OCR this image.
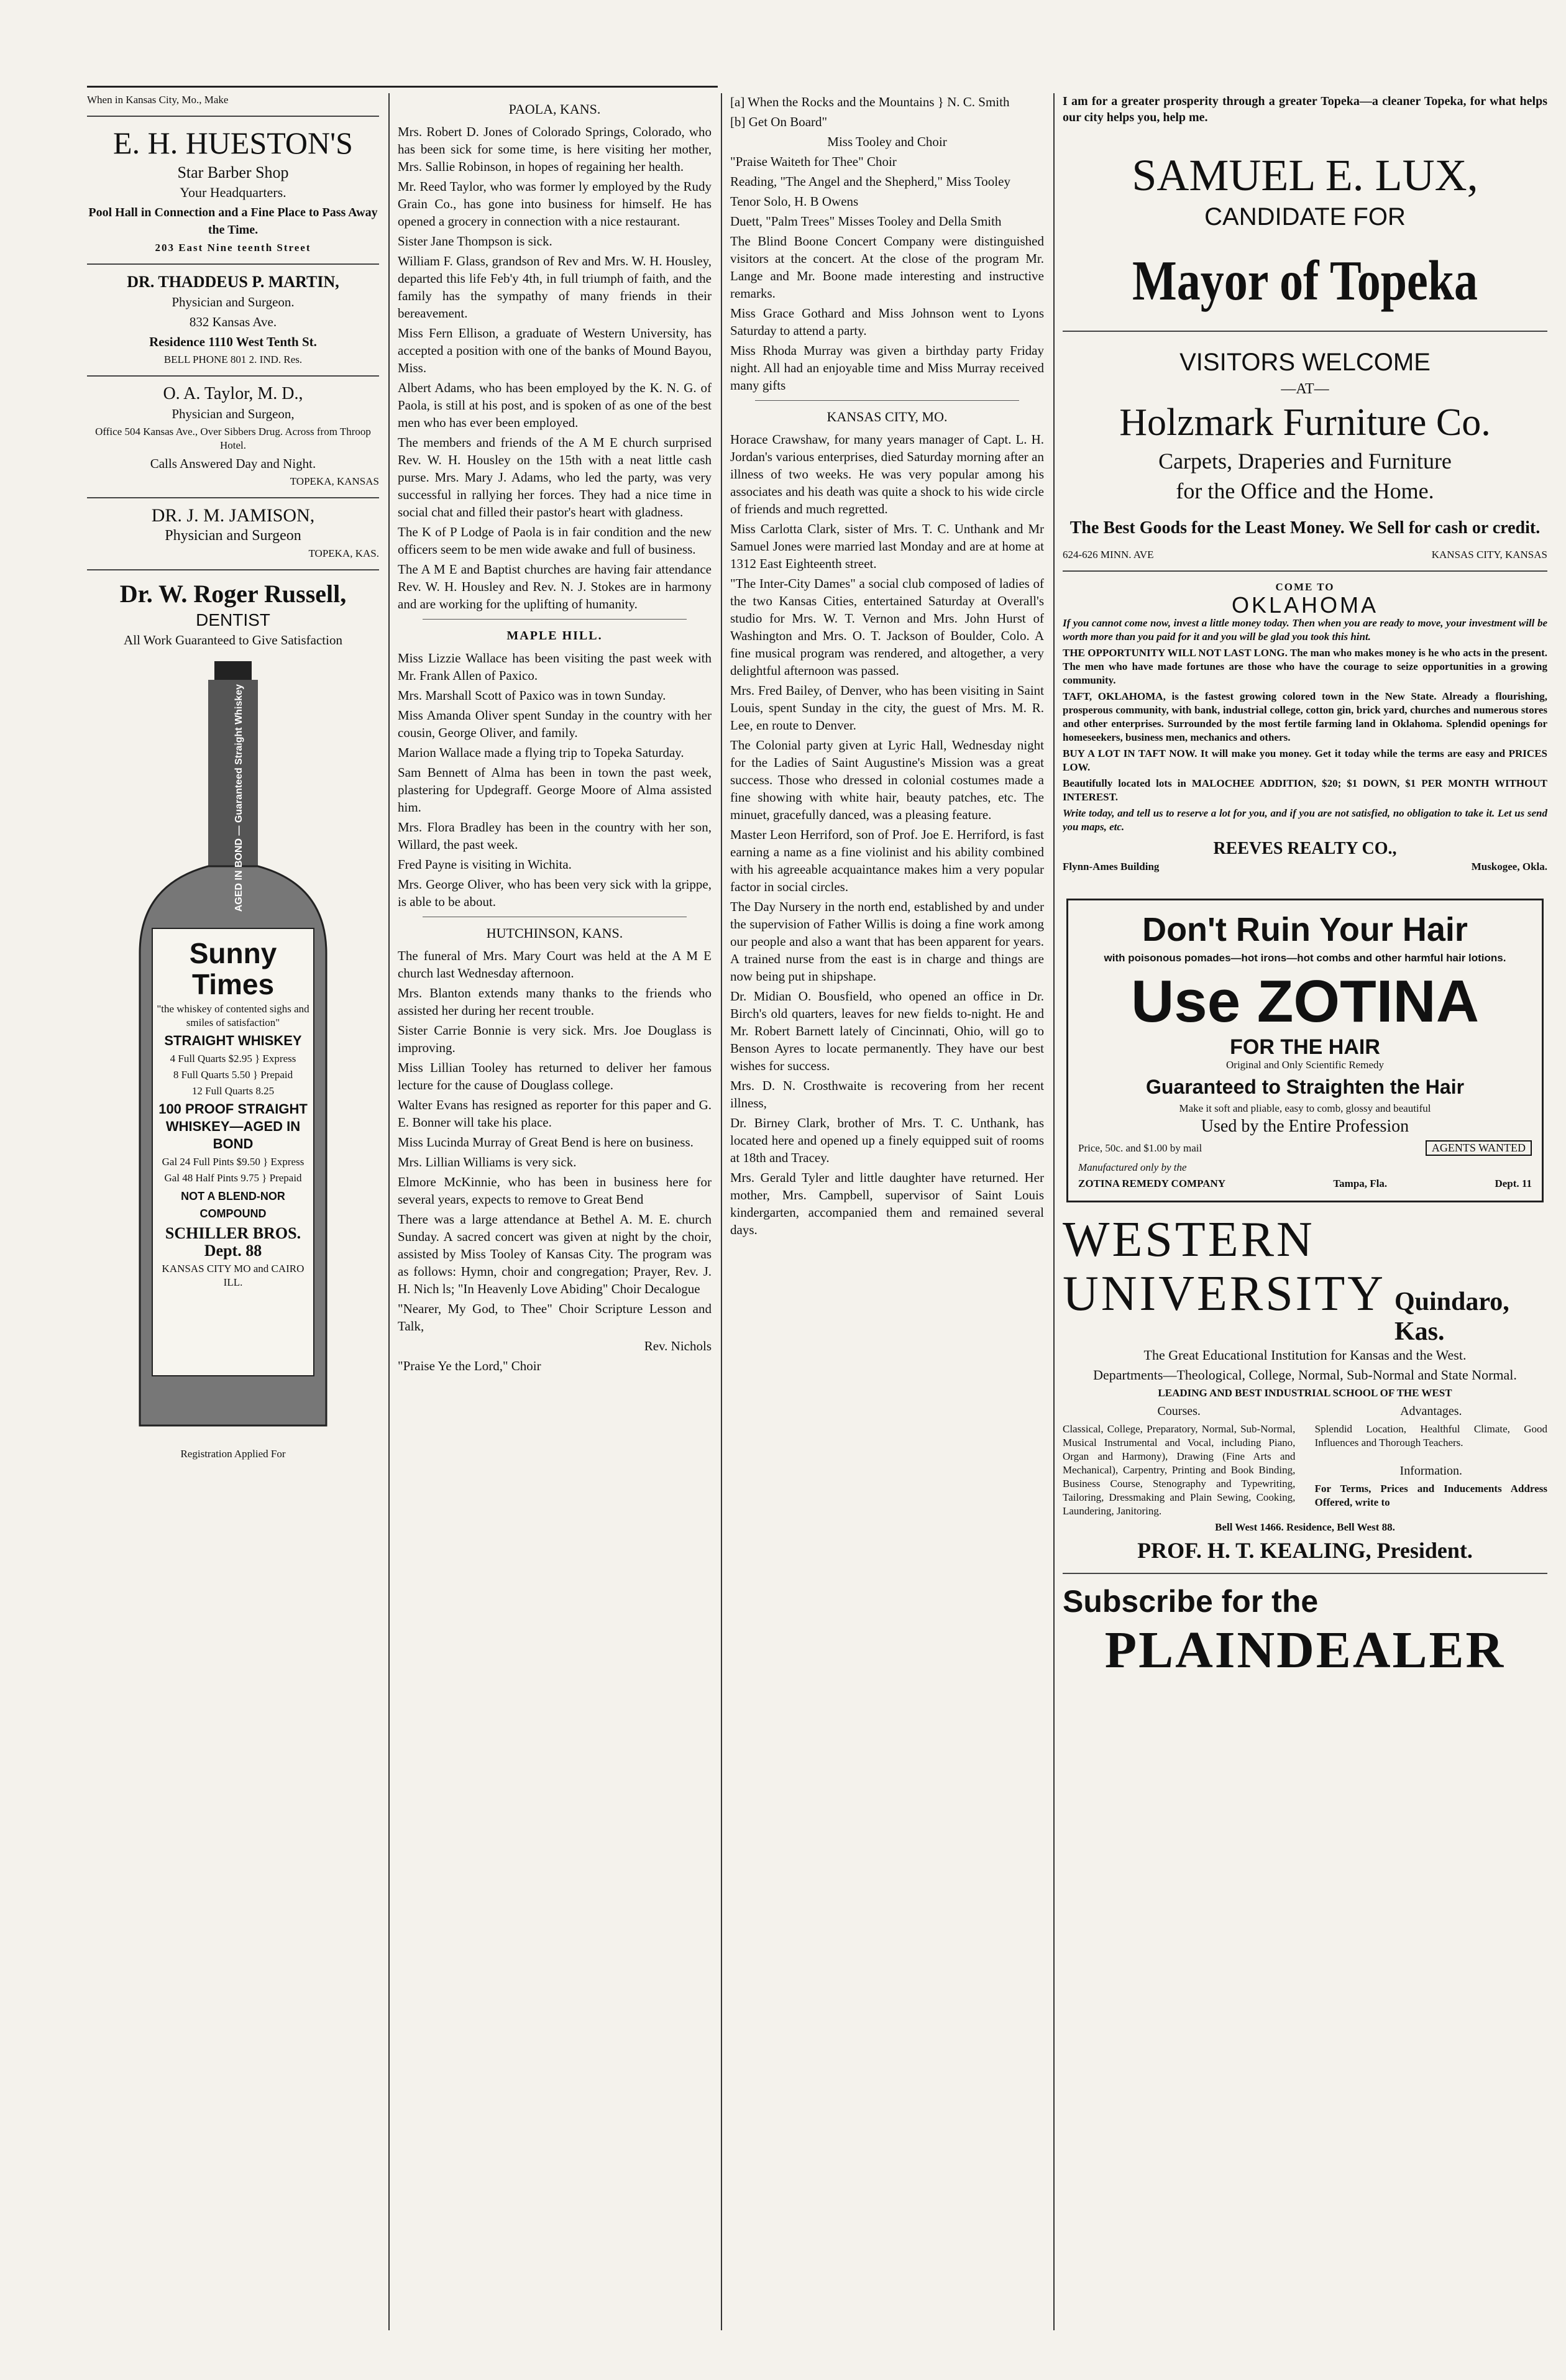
When in Kansas City, Mo., Make

E. H. HUESTON'S

Star Barber Shop

Your Headquarters.

Pool Hall in Connection and a Fine Place to Pass Away the Time.

203 East Nine teenth Street

DR. THADDEUS P. MARTIN,

Physician and Surgeon.

832 Kansas Ave.

Residence 1110 West Tenth St.

BELL PHONE 801 2. IND. Res.

O. A. Taylor, M. D.,

Physician and Surgeon,

Office 504 Kansas Ave., Over Sibbers Drug. Across from Throop Hotel.

Calls Answered Day and Night.

TOPEKA, KANSAS

DR. J. M. JAMISON,

Physician and Surgeon

TOPEKA, KAS.

Dr. W. Roger Russell,

DENTIST

All Work Guaranteed to Give Satisfaction

AGED IN BOND — Guaranteed Straight Whiskey

Sunny Times

"the whiskey of contented sighs and smiles of satisfaction"

STRAIGHT WHISKEY

4 Full Quarts $2.95 } Express

8 Full Quarts 5.50 } Prepaid

12 Full Quarts 8.25

100 PROOF STRAIGHT WHISKEY—AGED IN BOND

Gal 24 Full Pints $9.50 } Express

Gal 48 Half Pints 9.75 } Prepaid

NOT A BLEND-NOR COMPOUND

SCHILLER BROS. Dept. 88

KANSAS CITY MO and CAIRO ILL.

Registration Applied For

PAOLA, KANS.

Mrs. Robert D. Jones of Colorado Springs, Colorado, who has been sick for some time, is here visiting her mother, Mrs. Sallie Robinson, in hopes of regaining her health.

Mr. Reed Taylor, who was former ly employed by the Rudy Grain Co., has gone into business for himself. He has opened a grocery in connection with a nice restaurant.

Sister Jane Thompson is sick.

William F. Glass, grandson of Rev and Mrs. W. H. Housley, departed this life Feb'y 4th, in full triumph of faith, and the family has the sympathy of many friends in their bereavement.

Miss Fern Ellison, a graduate of Western University, has accepted a position with one of the banks of Mound Bayou, Miss.

Albert Adams, who has been employed by the K. N. G. of Paola, is still at his post, and is spoken of as one of the best men who has ever been employed.

The members and friends of the A M E church surprised Rev. W. H. Housley on the 15th with a neat little cash purse. Mrs. Mary J. Adams, who led the party, was very successful in rallying her forces. They had a nice time in social chat and filled their pastor's heart with gladness.

The K of P Lodge of Paola is in fair condition and the new officers seem to be men wide awake and full of business.

The A M E and Baptist churches are having fair attendance Rev. W. H. Housley and Rev. N. J. Stokes are in harmony and are working for the uplifting of humanity.

MAPLE HILL.

Miss Lizzie Wallace has been visiting the past week with Mr. Frank Allen of Paxico.

Mrs. Marshall Scott of Paxico was in town Sunday.

Miss Amanda Oliver spent Sunday in the country with her cousin, George Oliver, and family.

Marion Wallace made a flying trip to Topeka Saturday.

Sam Bennett of Alma has been in town the past week, plastering for Updegraff. George Moore of Alma assisted him.

Mrs. Flora Bradley has been in the country with her son, Willard, the past week.

Fred Payne is visiting in Wichita.

Mrs. George Oliver, who has been very sick with la grippe, is able to be about.

HUTCHINSON, KANS.

The funeral of Mrs. Mary Court was held at the A M E church last Wednesday afternoon.

Mrs. Blanton extends many thanks to the friends who assisted her during her recent trouble.

Sister Carrie Bonnie is very sick. Mrs. Joe Douglass is improving.

Miss Lillian Tooley has returned to deliver her famous lecture for the cause of Douglass college.

Walter Evans has resigned as reporter for this paper and G. E. Bonner will take his place.

Miss Lucinda Murray of Great Bend is here on business.

Mrs. Lillian Williams is very sick.

Elmore McKinnie, who has been in business here for several years, expects to remove to Great Bend

There was a large attendance at Bethel A. M. E. church Sunday. A sacred concert was given at night by the choir, assisted by Miss Tooley of Kansas City. The program was as follows: Hymn, choir and congregation; Prayer, Rev. J. H. Nich ls; "In Heavenly Love Abiding" Choir Decalogue

"Nearer, My God, to Thee" Choir Scripture Lesson and Talk,

Rev. Nichols

"Praise Ye the Lord," Choir

[a] When the Rocks and the Mountains } N. C. Smith

[b] Get On Board"

Miss Tooley and Choir

"Praise Waiteth for Thee" Choir

Reading, "The Angel and the Shepherd," Miss Tooley

Tenor Solo, H. B Owens

Duett, "Palm Trees" Misses Tooley and Della Smith

The Blind Boone Concert Company were distinguished visitors at the concert. At the close of the program Mr. Lange and Mr. Boone made interesting and instructive remarks.

Miss Grace Gothard and Miss Johnson went to Lyons Saturday to attend a party.

Miss Rhoda Murray was given a birthday party Friday night. All had an enjoyable time and Miss Murray received many gifts

KANSAS CITY, MO.

Horace Crawshaw, for many years manager of Capt. L. H. Jordan's various enterprises, died Saturday morning after an illness of two weeks. He was very popular among his associates and his death was quite a shock to his wide circle of friends and much regretted.

Miss Carlotta Clark, sister of Mrs. T. C. Unthank and Mr Samuel Jones were married last Monday and are at home at 1312 East Eighteenth street.

"The Inter-City Dames" a social club composed of ladies of the two Kansas Cities, entertained Saturday at Overall's studio for Mrs. W. T. Vernon and Mrs. John Hurst of Washington and Mrs. O. T. Jackson of Boulder, Colo. A fine musical program was rendered, and altogether, a very delightful afternoon was passed.

Mrs. Fred Bailey, of Denver, who has been visiting in Saint Louis, spent Sunday in the city, the guest of Mrs. M. R. Lee, en route to Denver.

The Colonial party given at Lyric Hall, Wednesday night for the Ladies of Saint Augustine's Mission was a great success. Those who dressed in colonial costumes made a fine showing with white hair, beauty patches, etc. The minuet, gracefully danced, was a pleasing feature.

Master Leon Herriford, son of Prof. Joe E. Herriford, is fast earning a name as a fine violinist and his ability combined with his agreeable acquaintance makes him a very popular factor in social circles.

The Day Nursery in the north end, established by and under the supervision of Father Willis is doing a fine work among our people and also a want that has been apparent for years. A trained nurse from the east is in charge and things are now being put in shipshape.

Dr. Midian O. Bousfield, who opened an office in Dr. Birch's old quarters, leaves for new fields to-night. He and Mr. Robert Barnett lately of Cincinnati, Ohio, will go to Benson Ayres to locate permanently. They have our best wishes for success.

Mrs. D. N. Crosthwaite is recovering from her recent illness,

Dr. Birney Clark, brother of Mrs. T. C. Unthank, has located here and opened up a finely equipped suit of rooms at 18th and Tracey.

Mrs. Gerald Tyler and little daughter have returned. Her mother, Mrs. Campbell, supervisor of Saint Louis kindergarten, accompanied them and remained several days.

I am for a greater prosperity through a greater Topeka—a cleaner Topeka, for what helps our city helps you, help me.

SAMUEL E. LUX,

CANDIDATE FOR

Mayor of Topeka

VISITORS WELCOME

—AT—

Holzmark Furniture Co.

Carpets, Draperies and Furniture

for the Office and the Home.

The Best Goods for the Least Money. We Sell for cash or credit.

624-626 MINN. AVE	KANSAS CITY, KANSAS

COME TO

OKLAHOMA

If you cannot come now, invest a little money today. Then when you are ready to move, your investment will be worth more than you paid for it and you will be glad you took this hint.

THE OPPORTUNITY WILL NOT LAST LONG. The man who makes money is he who acts in the present. The men who have made fortunes are those who have the courage to seize opportunities in a growing community.

TAFT, OKLAHOMA, is the fastest growing colored town in the New State. Already a flourishing, prosperous community, with bank, industrial college, cotton gin, brick yard, churches and numerous stores and other enterprises. Surrounded by the most fertile farming land in Oklahoma. Splendid openings for homeseekers, business men, mechanics and others.

BUY A LOT IN TAFT NOW. It will make you money. Get it today while the terms are easy and PRICES LOW.

Beautifully located lots in MALOCHEE ADDITION, $20; $1 DOWN, $1 PER MONTH WITHOUT INTEREST.

Write today, and tell us to reserve a lot for you, and if you are not satisfied, no obligation to take it. Let us send you maps, etc.

REEVES REALTY CO.,

Flynn-Ames Building	Muskogee, Okla.

Don't Ruin Your Hair

with poisonous pomades—hot irons—hot combs and other harmful hair lotions.

Use ZOTINA

FOR THE HAIR

Original and Only Scientific Remedy

Guaranteed to Straighten the Hair

Make it soft and pliable, easy to comb, glossy and beautiful

Used by the Entire Profession

Price, 50c. and $1.00 by mail	AGENTS WANTED

Manufactured only by the

ZOTINA REMEDY COMPANY	Tampa, Fla.	Dept. 11

WESTERN

UNIVERSITY Quindaro, Kas.

The Great Educational Institution for Kansas and the West.

Departments—Theological, College, Normal, Sub-Normal and State Normal.

LEADING AND BEST INDUSTRIAL SCHOOL OF THE WEST

Courses.

Classical, College, Preparatory, Normal, Sub-Normal, Musical Instrumental and Vocal, including Piano, Organ and Harmony), Drawing (Fine Arts and Mechanical), Carpentry, Printing and Book Binding, Business Course, Stenography and Typewriting, Tailoring, Dressmaking and Plain Sewing, Cooking, Laundering, Janitoring.

Advantages.

Splendid Location, Healthful Climate, Good Influences and Thorough Teachers.

Information.

For Terms, Prices and Inducements Address Offered, write to

Bell West 1466. Residence, Bell West 88.

PROF. H. T. KEALING, President.

Subscribe for the

PLAINDEALER
